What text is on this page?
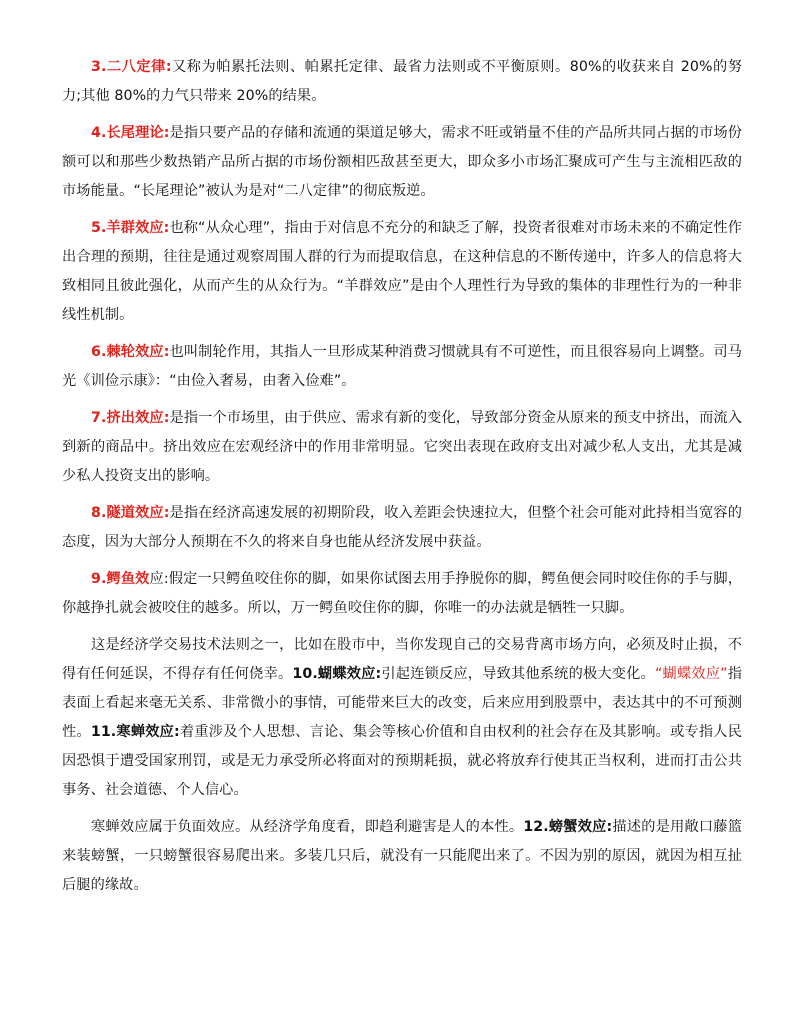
3.二八定律:又称为帕累托法则、帕累托定律、最省力法则或不平衡原则。80%的收获来自 20%的努力;其他 80%的力气只带来 20%的结果。

4.长尾理论:是指只要产品的存储和流通的渠道足够大，需求不旺或销量不佳的产品所共同占据的市场份额可以和那些少数热销产品所占据的市场份额相匹敌甚至更大，即众多小市场汇聚成可产生与主流相匹敌的市场能量。“长尾理论”被认为是对“二八定律”的彻底叛逆。

5.羊群效应:也称“从众心理”，指由于对信息不充分的和缺乏了解，投资者很难对市场未来的不确定性作出合理的预期，往往是通过观察周围人群的行为而提取信息，在这种信息的不断传递中，许多人的信息将大致相同且彼此强化，从而产生的从众行为。“羊群效应”是由个人理性行为导致的集体的非理性行为的一种非线性机制。

6.棘轮效应:也叫制轮作用，其指人一旦形成某种消费习惯就具有不可逆性，而且很容易向上调整。司马光《训俭示康》：“由俭入奢易，由奢入俭难”。

7.挤出效应:是指一个市场里，由于供应、需求有新的变化，导致部分资金从原来的预支中挤出，而流入到新的商品中。挤出效应在宏观经济中的作用非常明显。它突出表现在政府支出对减少私人支出，尤其是减少私人投资支出的影响。

8.隧道效应:是指在经济高速发展的初期阶段，收入差距会快速拉大，但整个社会可能对此持相当宽容的态度，因为大部分人预期在不久的将来自身也能从经济发展中获益。

9.鳄鱼效应:假定一只鳄鱼咬住你的脚，如果你试图去用手挣脱你的脚，鳄鱼便会同时咬住你的手与脚，你越挣扎就会被咬住的越多。所以，万一鳄鱼咬住你的脚，你唯一的办法就是牺牲一只脚。

这是经济学交易技术法则之一，比如在股市中，当你发现自己的交易背离市场方向，必须及时止损，不得有任何延误，不得存有任何侥幸。10.蝴蝶效应:引起连锁反应，导致其他系统的极大变化。“蝴蝶效应”指表面上看起来毫无关系、非常微小的事情，可能带来巨大的改变，后来应用到股票中，表达其中的不可预测性。11.寒蝉效应:着重涉及个人思想、言论、集会等核心价值和自由权利的社会存在及其影响。或专指人民因恐惧于遭受国家刑罚，或是无力承受所必将面对的预期耗损，就必将放弃行使其正当权利，进而打击公共事务、社会道德、个人信心。

寒蝉效应属于负面效应。从经济学角度看，即趋利避害是人的本性。12.螃蟹效应:描述的是用敞口藤篮来装螃蟹，一只螃蟹很容易爬出来。多装几只后，就没有一只能爬出来了。不因为别的原因，就因为相互扯后腿的缘故。
